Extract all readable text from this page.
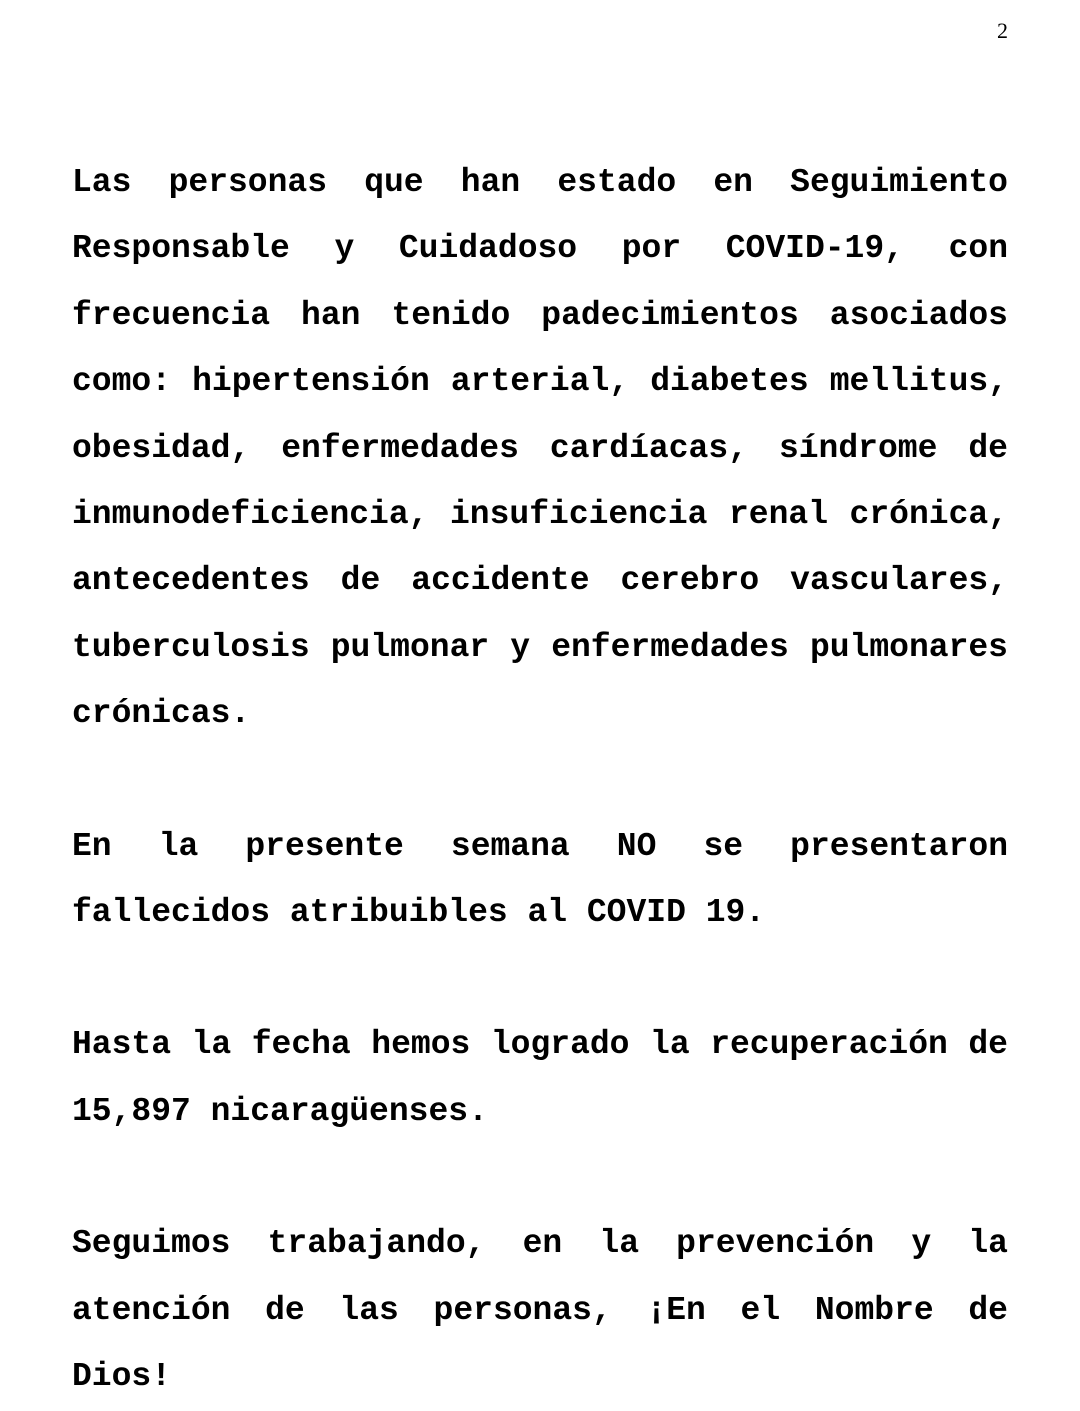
2

Las personas que han estado en Seguimiento Responsable y Cuidadoso por COVID-19, con frecuencia han tenido padecimientos asociados como: hipertensión arterial, diabetes mellitus, obesidad, enfermedades cardíacas, síndrome de inmunodeficiencia, insuficiencia renal crónica, antecedentes de accidente cerebro vasculares, tuberculosis pulmonar y enfermedades pulmonares crónicas.

En la presente semana NO se presentaron fallecidos atribuibles al COVID 19.

Hasta la fecha hemos logrado la recuperación de 15,897 nicaragüenses.

Seguimos trabajando, en la prevención y la atención de las personas, ¡En el Nombre de Dios!
